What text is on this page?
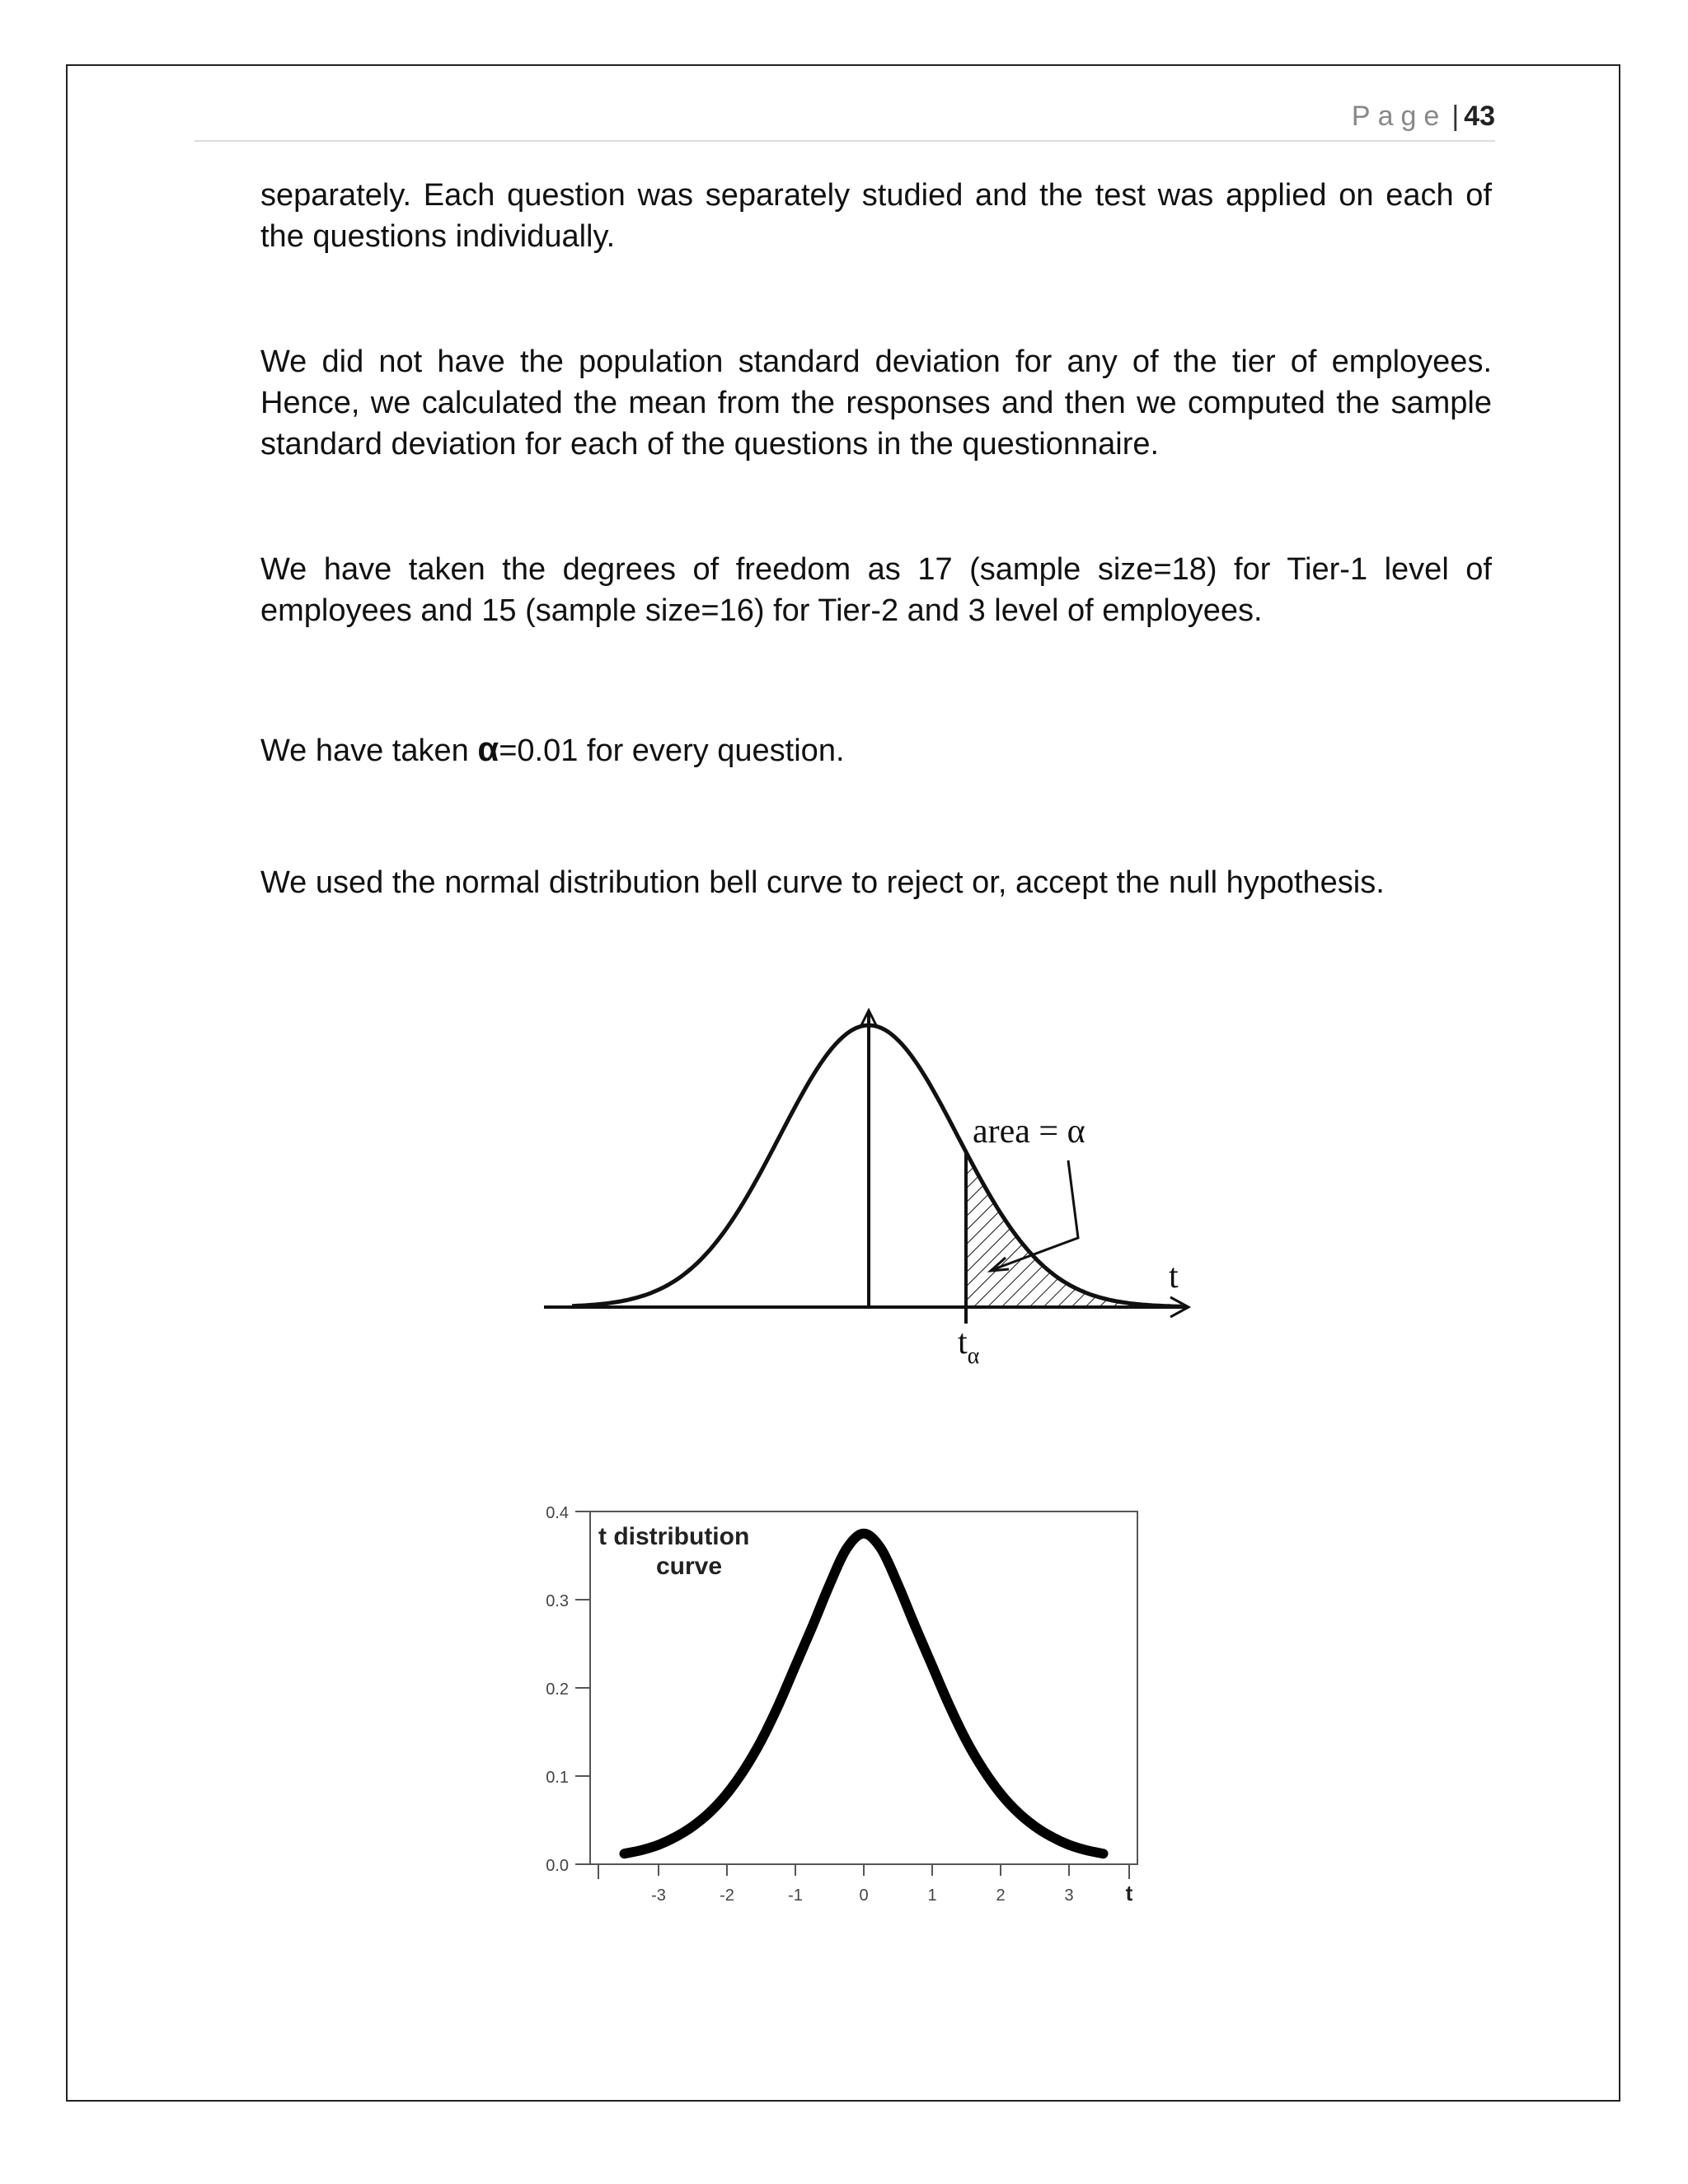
Page | 43

separately. Each question was separately studied and the test was applied on each of the questions individually.

We did not have the population standard deviation for any of the tier of employees. Hence, we calculated the mean from the responses and then we computed the sample standard deviation for each of the questions in the questionnaire.

We have taken the degrees of freedom as 17 (sample size=18) for Tier-1 level of employees and 15 (sample size=16) for Tier-2 and 3 level of employees.

We have taken α=0.01 for every question.

We used the normal distribution bell curve to reject or, accept the null hypothesis.

area = α
t
$t_\alpha$
0.0
0.1
0.2
0.3
0.4
-3	-2	-1	0	1	2	3 t
t distribution
curve
